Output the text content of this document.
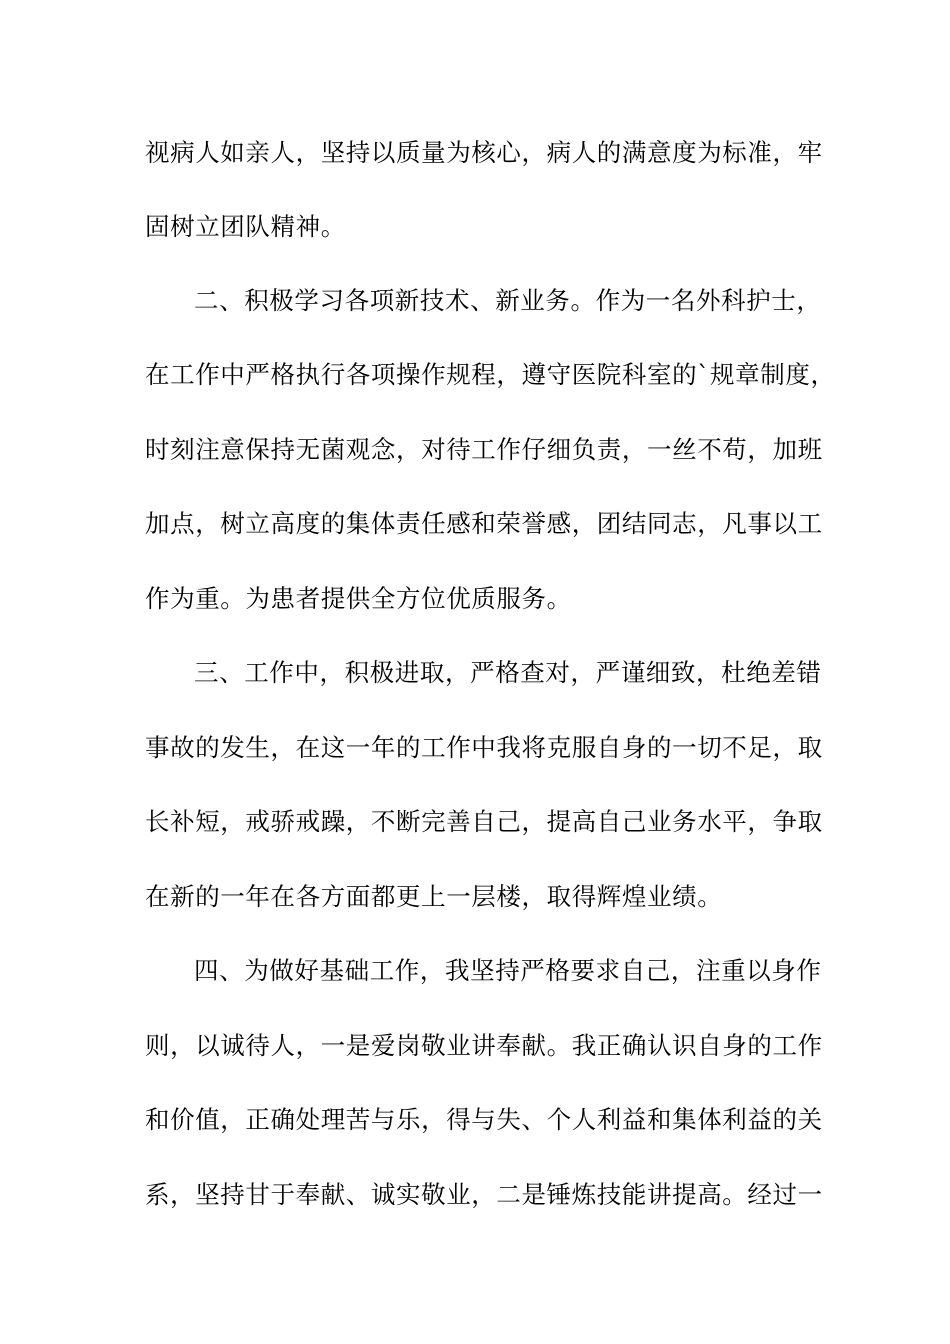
视病人如亲人，坚持以质量为核心，病人的满意度为标准，牢
固树立团队精神。
二、积极学习各项新技术、新业务。作为一名外科护士，
在工作中严格执行各项操作规程，遵守医院科室的`规章制度，
时刻注意保持无菌观念，对待工作仔细负责，一丝不苟，加班
加点，树立高度的集体责任感和荣誉感，团结同志，凡事以工
作为重。为患者提供全方位优质服务。
三、工作中，积极进取，严格查对，严谨细致，杜绝差错
事故的发生，在这一年的工作中我将克服自身的一切不足，取
长补短，戒骄戒躁，不断完善自己，提高自己业务水平，争取
在新的一年在各方面都更上一层楼，取得辉煌业绩。
四、为做好基础工作，我坚持严格要求自己，注重以身作
则，以诚待人，一是爱岗敬业讲奉献。我正确认识自身的工作
和价值，正确处理苦与乐，得与失、个人利益和集体利益的关
系，坚持甘于奉献、诚实敬业，二是锤炼技能讲提高。经过一
